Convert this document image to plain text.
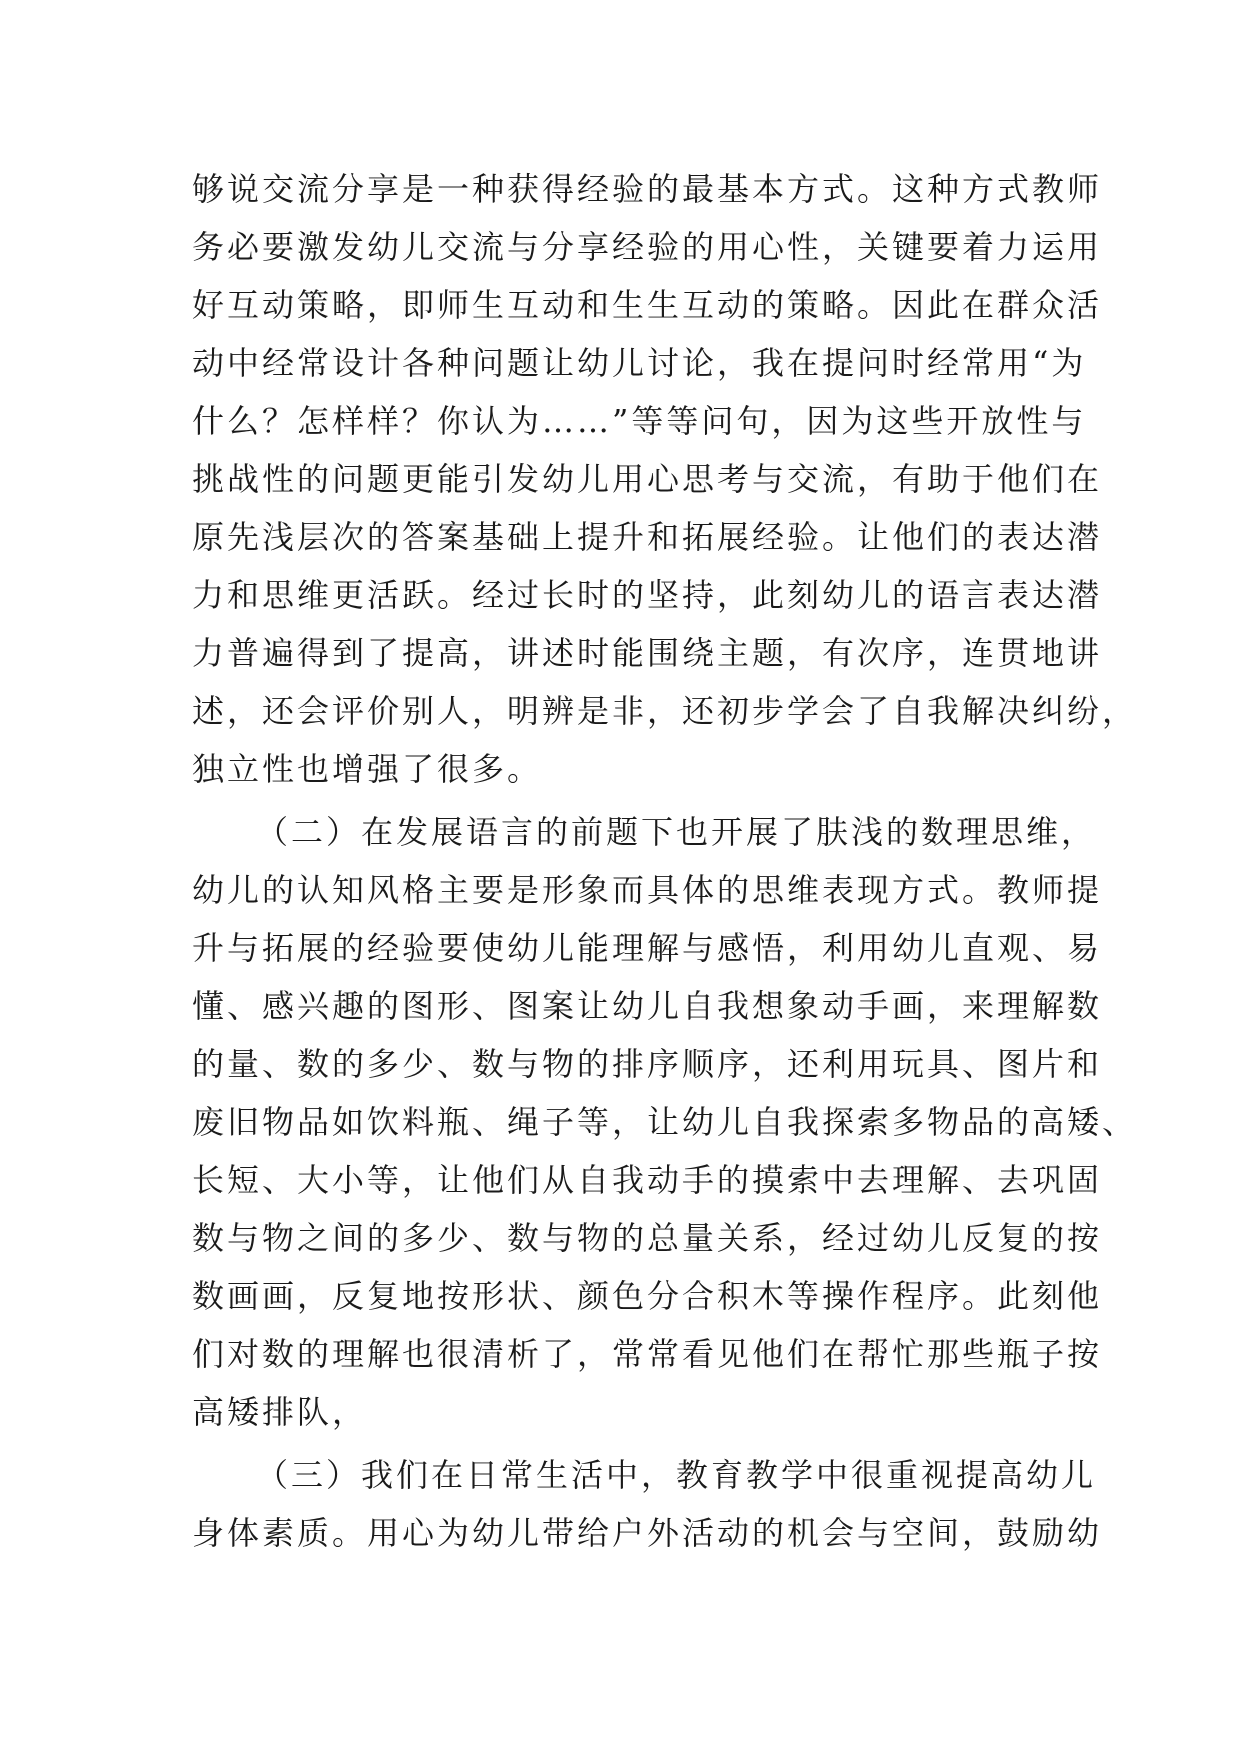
够说交流分享是一种获得经验的最基本方式。这种方式教师
务必要激发幼儿交流与分享经验的用心性，关键要着力运用
好互动策略，即师生互动和生生互动的策略。因此在群众活
动中经常设计各种问题让幼儿讨论，我在提问时经常用“为
什么？怎样样？你认为……”等等问句，因为这些开放性与
挑战性的问题更能引发幼儿用心思考与交流，有助于他们在
原先浅层次的答案基础上提升和拓展经验。让他们的表达潜
力和思维更活跃。经过长时的坚持，此刻幼儿的语言表达潜
力普遍得到了提高，讲述时能围绕主题，有次序，连贯地讲
述，还会评价别人，明辨是非，还初步学会了自我解决纠纷，
独立性也增强了很多。
（二）在发展语言的前题下也开展了肤浅的数理思维，
幼儿的认知风格主要是形象而具体的思维表现方式。教师提
升与拓展的经验要使幼儿能理解与感悟，利用幼儿直观、易
懂、感兴趣的图形、图案让幼儿自我想象动手画，来理解数
的量、数的多少、数与物的排序顺序，还利用玩具、图片和
废旧物品如饮料瓶、绳子等，让幼儿自我探索多物品的高矮、
长短、大小等，让他们从自我动手的摸索中去理解、去巩固
数与物之间的多少、数与物的总量关系，经过幼儿反复的按
数画画，反复地按形状、颜色分合积木等操作程序。此刻他
们对数的理解也很清析了，常常看见他们在帮忙那些瓶子按
高矮排队，
（三）我们在日常生活中，教育教学中很重视提高幼儿
身体素质。用心为幼儿带给户外活动的机会与空间，鼓励幼
